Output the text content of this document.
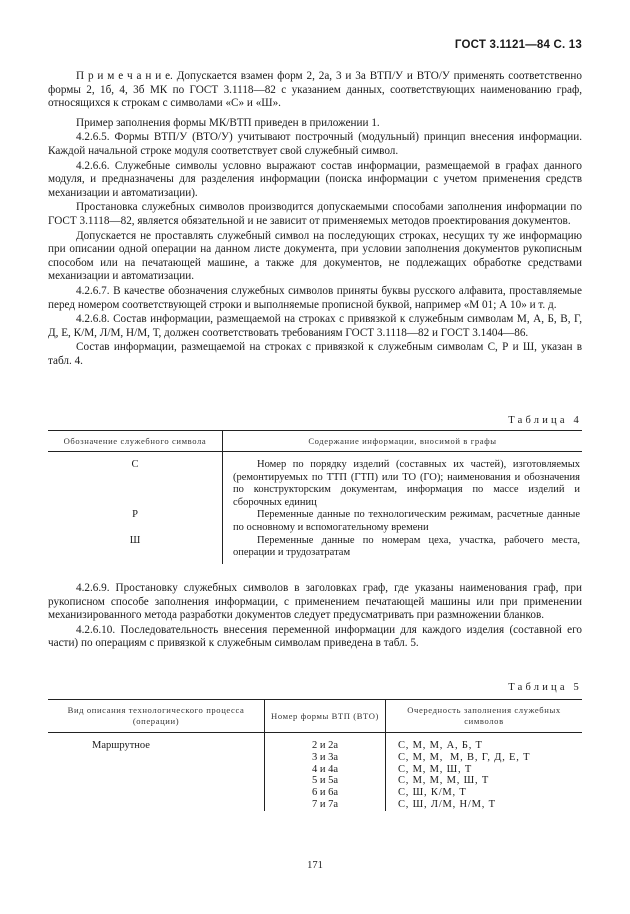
ГОСТ 3.1121—84 С. 13

П р и м е ч а н и е. Допускается взамен форм 2, 2а, 3 и 3а ВТП/У и ВТО/У применять соответственно формы 2, 1б, 4, 3б МК по ГОСТ 3.1118—82 с указанием данных, соответствующих наименованию граф, относящихся к строкам с символами «С» и «Ш».

Пример заполнения формы МК/ВТП приведен в приложении 1.

4.2.6.5. Формы ВТП/У (ВТО/У) учитывают построчный (модульный) принцип внесения информации. Каждой начальной строке модуля соответствует свой служебный символ.

4.2.6.6. Служебные символы условно выражают состав информации, размещаемой в графах данного модуля, и предназначены для разделения информации (поиска информации с учетом применения средств механизации и автоматизации).

Простановка служебных символов производится допускаемыми способами заполнения информации по ГОСТ 3.1118—82, является обязательной и не зависит от применяемых методов проектирования документов.

Допускается не проставлять служебный символ на последующих строках, несущих ту же информацию при описании одной операции на данном листе документа, при условии заполнения документов рукописным способом или на печатающей машине, а также для документов, не подлежащих обработке средствами механизации и автоматизации.

4.2.6.7. В качестве обозначения служебных символов приняты буквы русского алфавита, проставляемые перед номером соответствующей строки и выполняемые прописной буквой, например «М 01; А 10» и т. д.

4.2.6.8. Состав информации, размещаемой на строках с привязкой к служебным символам М, А, Б, В, Г, Д, Е, К/М, Л/М, Н/М, Т, должен соответствовать требованиям ГОСТ 3.1118—82 и ГОСТ 3.1404—86.

Состав информации, размещаемой на строках с привязкой к служебным символам С, Р и Ш, указан в табл. 4.

Таблица 4
Обозначение служебного символа	Содержание информации, вносимой в графы
С	Номер по порядку изделий (составных их частей), изготовляемых (ремонтируемых по ТТП (ГТП) или ТО (ГО); наименования и обозначения по конструкторским документам, информация по массе изделий и сборочных единиц
Р	Переменные данные по технологическим режимам, расчетные данные по основному и вспомогательному времени
Ш	Переменные данные по номерам цеха, участка, рабочего места, операции и трудозатратам

4.2.6.9. Простановку служебных символов в заголовках граф, где указаны наименования граф, при рукописном способе заполнения информации, с применением печатающей машины или при применении механизированного метода разработки документов следует предусматривать при размножении бланков.

4.2.6.10. Последовательность внесения переменной информации для каждого изделия (составной его части) по операциям с привязкой к служебным символам приведена в табл. 5.

Таблица 5
Вид описания технологического процесса (операции)	Номер формы ВТП (ВТО)	Очередность заполнения служебных символов
Маршрутное	2 и 2а	С, М, М, А, Б, Т
	3 и 3а	С, М, М,  М, В, Г, Д, Е, Т
	4 и 4а	С, М, М, Ш, Т
	5 и 5а	С, М, М, М, Ш, Т
	6 и 6а	С, Ш, К/М, Т
	7 и 7а	С, Ш, Л/М, Н/М, Т
171
